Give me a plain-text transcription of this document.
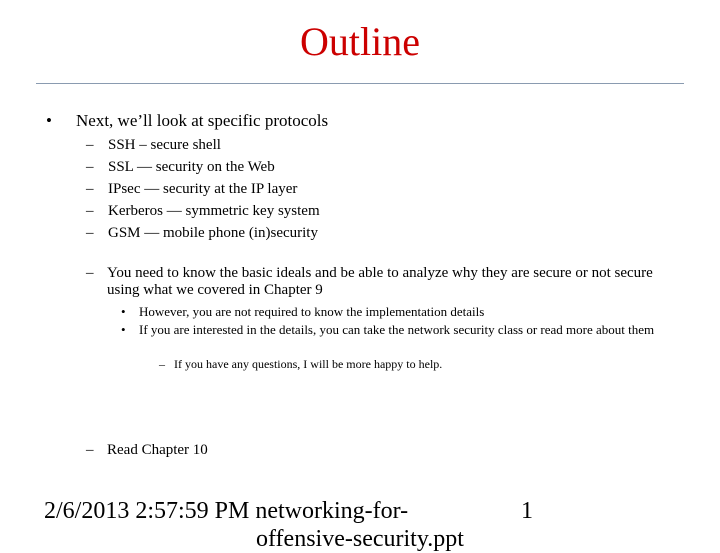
Outline
• Next, we’ll look at specific protocols
– SSH – secure shell
– SSL — security on the Web
– IPsec — security at the IP layer
– Kerberos — symmetric key system
– GSM — mobile phone (in)security
– You need to know the basic ideals and be able to analyze why they are secure or not secure using what we covered in Chapter 9
• However, you are not required to know the implementation details
• If you are interested in the details, you can take the network security class or read more about them
– If you have any questions, I will be more happy to help.
– Read Chapter 10
2/6/2013 2:57:59 PM networking-for-
offensive-security.ppt
1
